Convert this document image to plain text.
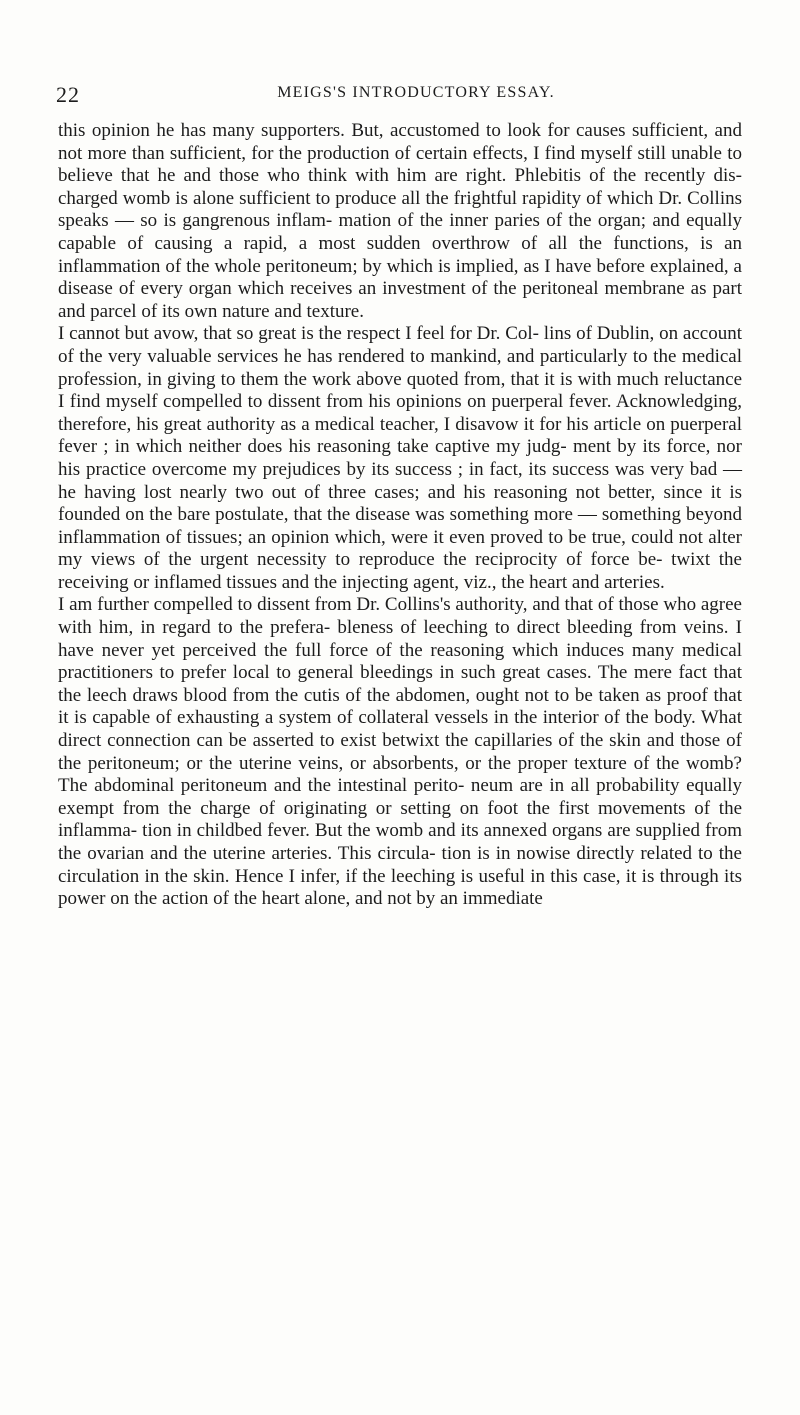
22	MEIGS'S INTRODUCTORY ESSAY.

this opinion he has many supporters. But, accustomed to look for causes sufficient, and not more than sufficient, for the production of certain effects, I find myself still unable to believe that he and those who think with him are right. Phlebitis of the recently dis- charged womb is alone sufficient to produce all the frightful rapidity of which Dr. Collins speaks — so is gangrenous inflam- mation of the inner paries of the organ; and equally capable of causing a rapid, a most sudden overthrow of all the functions, is an inflammation of the whole peritoneum; by which is implied, as I have before explained, a disease of every organ which receives an investment of the peritoneal membrane as part and parcel of its own nature and texture.

I cannot but avow, that so great is the respect I feel for Dr. Col- lins of Dublin, on account of the very valuable services he has rendered to mankind, and particularly to the medical profession, in giving to them the work above quoted from, that it is with much reluctance I find myself compelled to dissent from his opinions on puerperal fever. Acknowledging, therefore, his great authority as a medical teacher, I disavow it for his article on puerperal fever ; in which neither does his reasoning take captive my judg- ment by its force, nor his practice overcome my prejudices by its success ; in fact, its success was very bad — he having lost nearly two out of three cases; and his reasoning not better, since it is founded on the bare postulate, that the disease was something more — something beyond inflammation of tissues; an opinion which, were it even proved to be true, could not alter my views of the urgent necessity to reproduce the reciprocity of force be- twixt the receiving or inflamed tissues and the injecting agent, viz., the heart and arteries.

I am further compelled to dissent from Dr. Collins's authority, and that of those who agree with him, in regard to the prefera- bleness of leeching to direct bleeding from veins. I have never yet perceived the full force of the reasoning which induces many medical practitioners to prefer local to general bleedings in such great cases. The mere fact that the leech draws blood from the cutis of the abdomen, ought not to be taken as proof that it is capable of exhausting a system of collateral vessels in the interior of the body. What direct connection can be asserted to exist betwixt the capillaries of the skin and those of the peritoneum; or the uterine veins, or absorbents, or the proper texture of the womb? The abdominal peritoneum and the intestinal perito- neum are in all probability equally exempt from the charge of originating or setting on foot the first movements of the inflamma- tion in childbed fever. But the womb and its annexed organs are supplied from the ovarian and the uterine arteries. This circula- tion is in nowise directly related to the circulation in the skin. Hence I infer, if the leeching is useful in this case, it is through its power on the action of the heart alone, and not by an immediate
